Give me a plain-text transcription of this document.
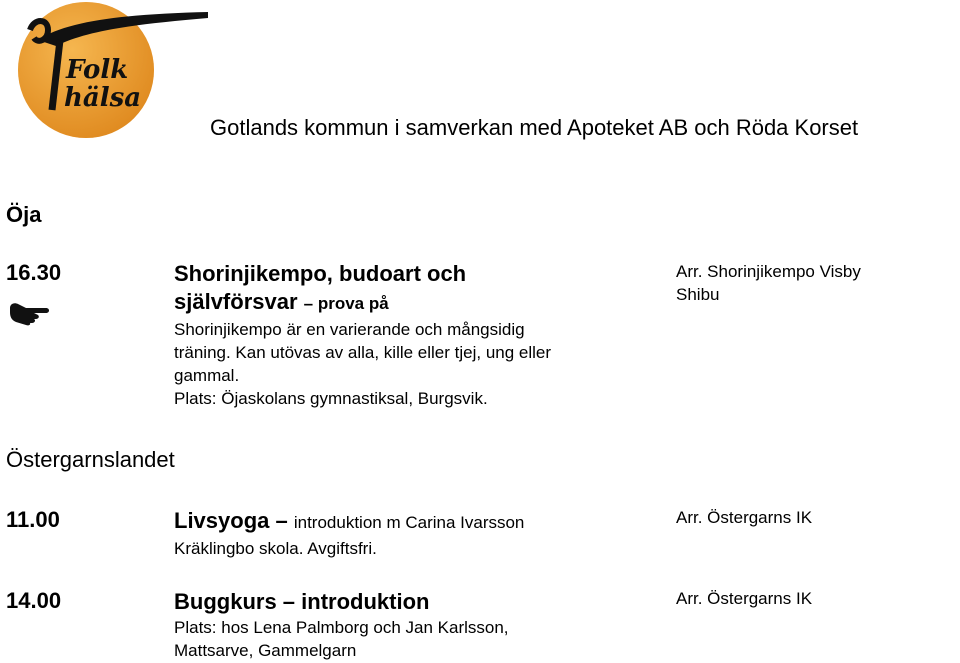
Folk
hälsa
Gotlands kommun i samverkan med Apoteket AB och Röda Korset
Öja
16.30	Shorinjikempo, budoart och
självförsvar – prova på
Shorinjikempo är en varierande och mångsidig
träning. Kan utövas av alla, kille eller tjej, ung eller
gammal.
Plats: Öjaskolans gymnastiksal, Burgsvik.
Arr. Shorinjikempo Visby
Shibu
Östergarnslandet
11.00	Livsyoga – introduktion m Carina Ivarsson
Kräklingbo skola. Avgiftsfri.
Arr. Östergarns IK
14.00	Buggkurs – introduktion
Plats: hos Lena Palmborg och Jan Karlsson,
Mattsarve, Gammelgarn
Arr. Östergarns IK
